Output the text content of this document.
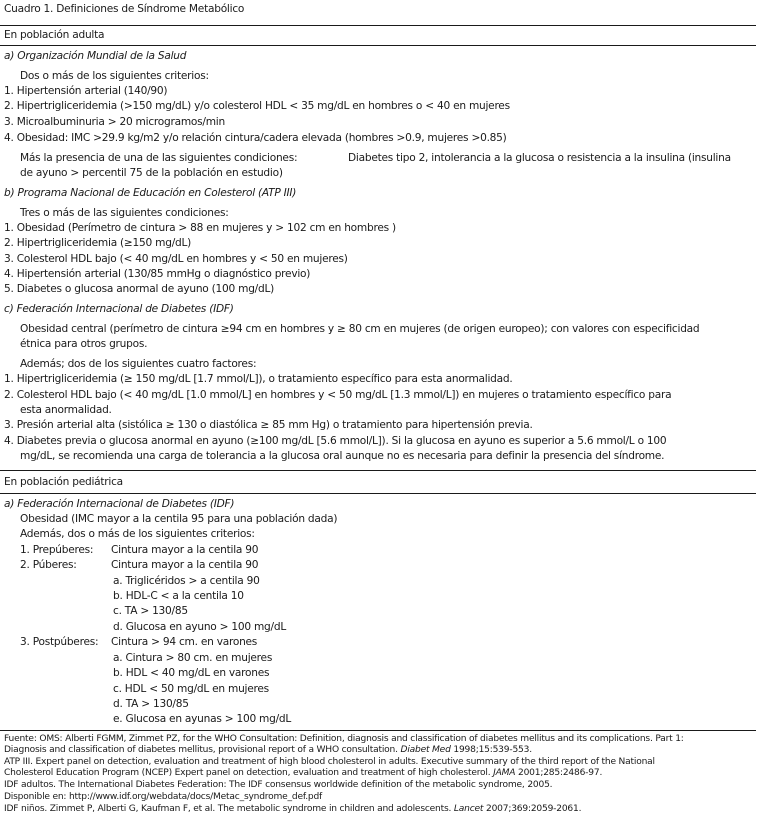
Cuadro 1. Definiciones de Síndrome Metabólico
En población adulta
a) Organización Mundial de la Salud
Dos o más de los siguientes criterios:
1. Hipertensión arterial (140/90)
2. Hipertrigliceridemia (>150 mg/dL) y/o colesterol HDL < 35 mg/dL en hombres o < 40 en mujeres
3. Microalbuminuria > 20 microgramos/min
4. Obesidad: IMC >29.9 kg/m2 y/o relación cintura/cadera elevada (hombres >0.9, mujeres >0.85)
Más la presencia de una de las siguientes condiciones:	Diabetes tipo 2, intolerancia a la glucosa o resistencia a la insulina (insulina
de ayuno > percentil 75 de la población en estudio)
b) Programa Nacional de Educación en Colesterol (ATP III)
Tres o más de las siguientes condiciones:
1. Obesidad (Perímetro de cintura > 88 en mujeres y > 102 cm en hombres )
2. Hipertrigliceridemia (≥150 mg/dL)
3. Colesterol HDL bajo (< 40 mg/dL en hombres y < 50 en mujeres)
4. Hipertensión arterial (130/85 mmHg o diagnóstico previo)
5. Diabetes o glucosa anormal de ayuno (100 mg/dL)
c) Federación Internacional de Diabetes (IDF)
Obesidad central (perímetro de cintura ≥94 cm en hombres y ≥ 80 cm en mujeres (de origen europeo); con valores con especificidad
étnica para otros grupos.
Además; dos de los siguientes cuatro factores:
1. Hipertrigliceridemia (≥ 150 mg/dL [1.7 mmol/L]), o tratamiento específico para esta anormalidad.
2. Colesterol HDL bajo (< 40 mg/dL [1.0 mmol/L] en hombres y < 50 mg/dL [1.3 mmol/L]) en mujeres o tratamiento específico para
esta anormalidad.
3. Presión arterial alta (sistólica ≥ 130 o diastólica ≥ 85 mm Hg) o tratamiento para hipertensión previa.
4. Diabetes previa o glucosa anormal en ayuno (≥100 mg/dL [5.6 mmol/L]). Si la glucosa en ayuno es superior a 5.6 mmol/L o 100
mg/dL, se recomienda una carga de tolerancia a la glucosa oral aunque no es necesaria para definir la presencia del síndrome.
En población pediátrica
a) Federación Internacional de Diabetes (IDF)
Obesidad (IMC mayor a la centila 95 para una población dada)
Además, dos o más de los siguientes criterios:
1. Prepúberes: Cintura mayor a la centila 90
2. Púberes:	Cintura mayor a la centila 90
a. Triglicéridos > a centila 90
b. HDL-C < a la centila 10
c. TA > 130/85
d. Glucosa en ayuno > 100 mg/dL
3. Postpúberes: Cintura > 94 cm. en varones
a. Cintura > 80 cm. en mujeres
b. HDL < 40 mg/dL en varones
c. HDL < 50 mg/dL en mujeres
d. TA > 130/85
e. Glucosa en ayunas > 100 mg/dL
Fuente: OMS: Alberti FGMM, Zimmet PZ, for the WHO Consultation: Definition, diagnosis and classification of diabetes mellitus and its complications. Part 1:
Diagnosis and classification of diabetes mellitus, provisional report of a WHO consultation. Diabet Med 1998;15:539-553.
ATP III. Expert panel on detection, evaluation and treatment of high blood cholesterol in adults. Executive summary of the third report of the National
Cholesterol Education Program (NCEP) Expert panel on detection, evaluation and treatment of high cholesterol. JAMA 2001;285:2486-97.
IDF adultos. The International Diabetes Federation: The IDF consensus worldwide definition of the metabolic syndrome, 2005.
Disponible en: http://www.idf.org/webdata/docs/Metac_syndrome_def.pdf
IDF niños. Zimmet P, Alberti G, Kaufman F, et al. The metabolic syndrome in children and adolescents. Lancet 2007;369:2059-2061.
